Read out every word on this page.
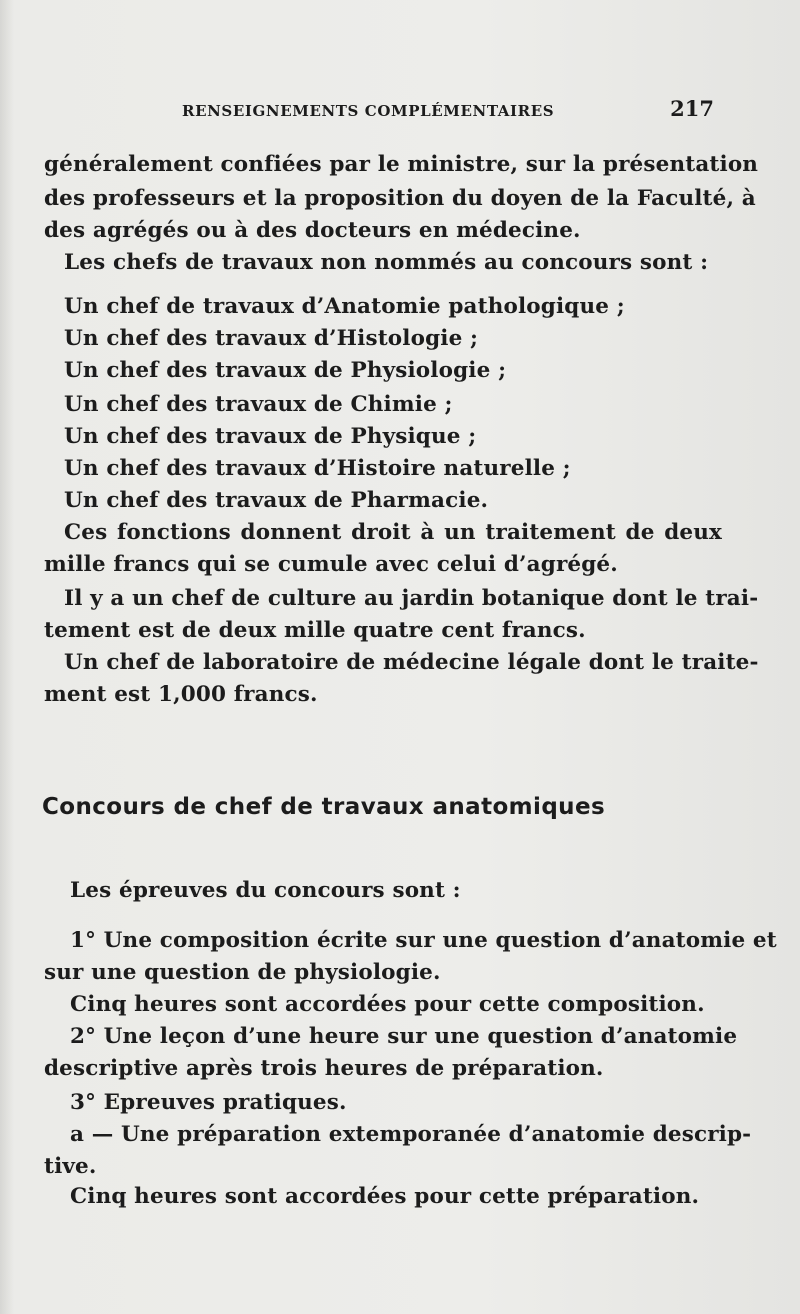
RENSEIGNEMENTS COMPLÉMENTAIRES	217
généralement confiées par le ministre, sur la présentation
des professeurs et la proposition du doyen de la Faculté, à
des agrégés ou à des docteurs en médecine.
Les chefs de travaux non nommés au concours sont :
Un chef de travaux d’Anatomie pathologique ;
Un chef des travaux d’Histologie ;
Un chef des travaux de Physiologie ;
Un chef des travaux de Chimie ;
Un chef des travaux de Physique ;
Un chef des travaux d’Histoire naturelle ;
Un chef des travaux de Pharmacie.
Ces fonctions donnent droit à un traitement de deux
mille francs qui se cumule avec celui d’agrégé.
Il y a un chef de culture au jardin botanique dont le trai-
tement est de deux mille quatre cent francs.
Un chef de laboratoire de médecine légale dont le traite-
ment est 1,000 francs.
Concours de chef de travaux anatomiques
Les épreuves du concours sont :
1° Une composition écrite sur une question d’anatomie et
sur une question de physiologie.
Cinq heures sont accordées pour cette composition.
2° Une leçon d’une heure sur une question d’anatomie
descriptive après trois heures de préparation.
3° Epreuves pratiques.
a — Une préparation extemporanée d’anatomie descrip-
tive.
Cinq heures sont accordées pour cette préparation.
